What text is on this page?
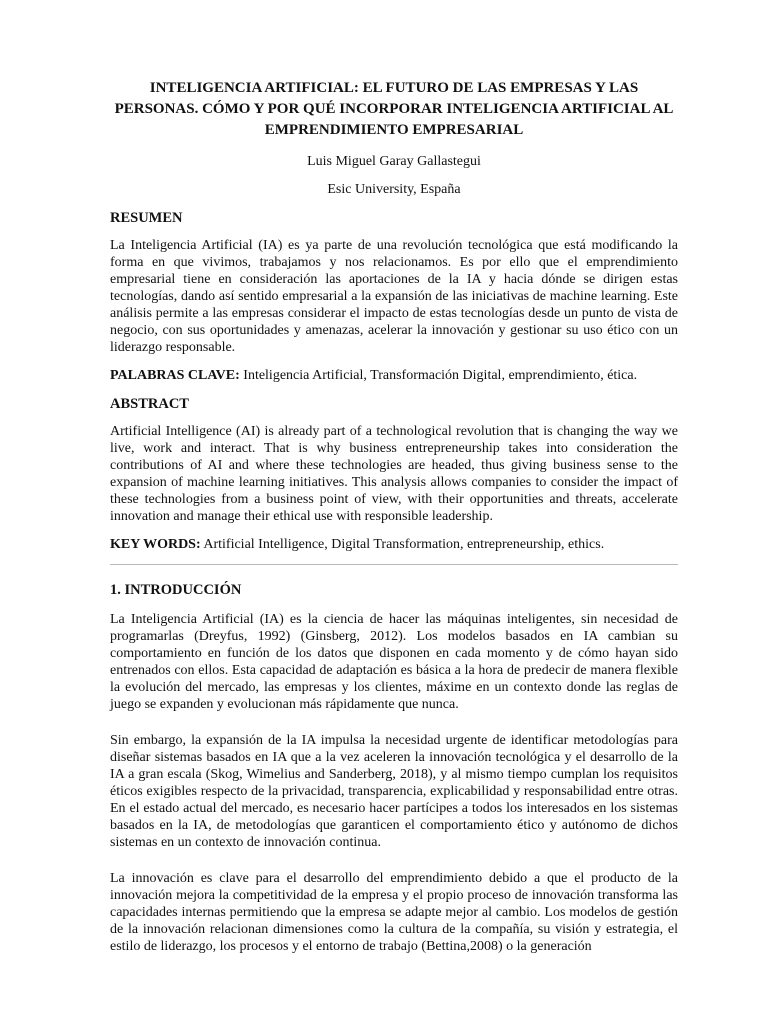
INTELIGENCIA ARTIFICIAL: EL FUTURO DE LAS EMPRESAS Y LAS PERSONAS. CÓMO Y POR QUÉ INCORPORAR INTELIGENCIA ARTIFICIAL AL EMPRENDIMIENTO EMPRESARIAL
Luis Miguel Garay Gallastegui
Esic University, España
RESUMEN

La Inteligencia Artificial (IA) es ya parte de una revolución tecnológica que está modificando la forma en que vivimos, trabajamos y nos relacionamos. Es por ello que el emprendimiento empresarial tiene en consideración las aportaciones de la IA y hacia dónde se dirigen estas tecnologías, dando así sentido empresarial a la expansión de las iniciativas de machine learning. Este análisis permite a las empresas considerar el impacto de estas tecnologías desde un punto de vista de negocio, con sus oportunidades y amenazas, acelerar la innovación y gestionar su uso ético con un liderazgo responsable.

PALABRAS CLAVE: Inteligencia Artificial, Transformación Digital, emprendimiento, ética.

ABSTRACT

Artificial Intelligence (AI) is already part of a technological revolution that is changing the way we live, work and interact. That is why business entrepreneurship takes into consideration the contributions of AI and where these technologies are headed, thus giving business sense to the expansion of machine learning initiatives. This analysis allows companies to consider the impact of these technologies from a business point of view, with their opportunities and threats, accelerate innovation and manage their ethical use with responsible leadership.

KEY WORDS: Artificial Intelligence, Digital Transformation, entrepreneurship, ethics.

1. INTRODUCCIÓN

La Inteligencia Artificial (IA) es la ciencia de hacer las máquinas inteligentes, sin necesidad de programarlas (Dreyfus, 1992) (Ginsberg, 2012). Los modelos basados en IA cambian su comportamiento en función de los datos que disponen en cada momento y de cómo hayan sido entrenados con ellos. Esta capacidad de adaptación es básica a la hora de predecir de manera flexible la evolución del mercado, las empresas y los clientes, máxime en un contexto donde las reglas de juego se expanden y evolucionan más rápidamente que nunca.

Sin embargo, la expansión de la IA impulsa la necesidad urgente de identificar metodologías para diseñar sistemas basados en IA que a la vez aceleren la innovación tecnológica y el desarrollo de la IA a gran escala (Skog, Wimelius and Sanderberg, 2018), y al mismo tiempo cumplan los requisitos éticos exigibles respecto de la privacidad, transparencia, explicabilidad y responsabilidad entre otras. En el estado actual del mercado, es necesario hacer partícipes a todos los interesados en los sistemas basados en la IA, de metodologías que garanticen el comportamiento ético y autónomo de dichos sistemas en un contexto de innovación continua.

La innovación es clave para el desarrollo del emprendimiento debido a que el producto de la innovación mejora la competitividad de la empresa y el propio proceso de innovación transforma las capacidades internas permitiendo que la empresa se adapte mejor al cambio. Los modelos de gestión de la innovación relacionan dimensiones como la cultura de la compañía, su visión y estrategia, el estilo de liderazgo, los procesos y el entorno de trabajo (Bettina,2008) o la generación
